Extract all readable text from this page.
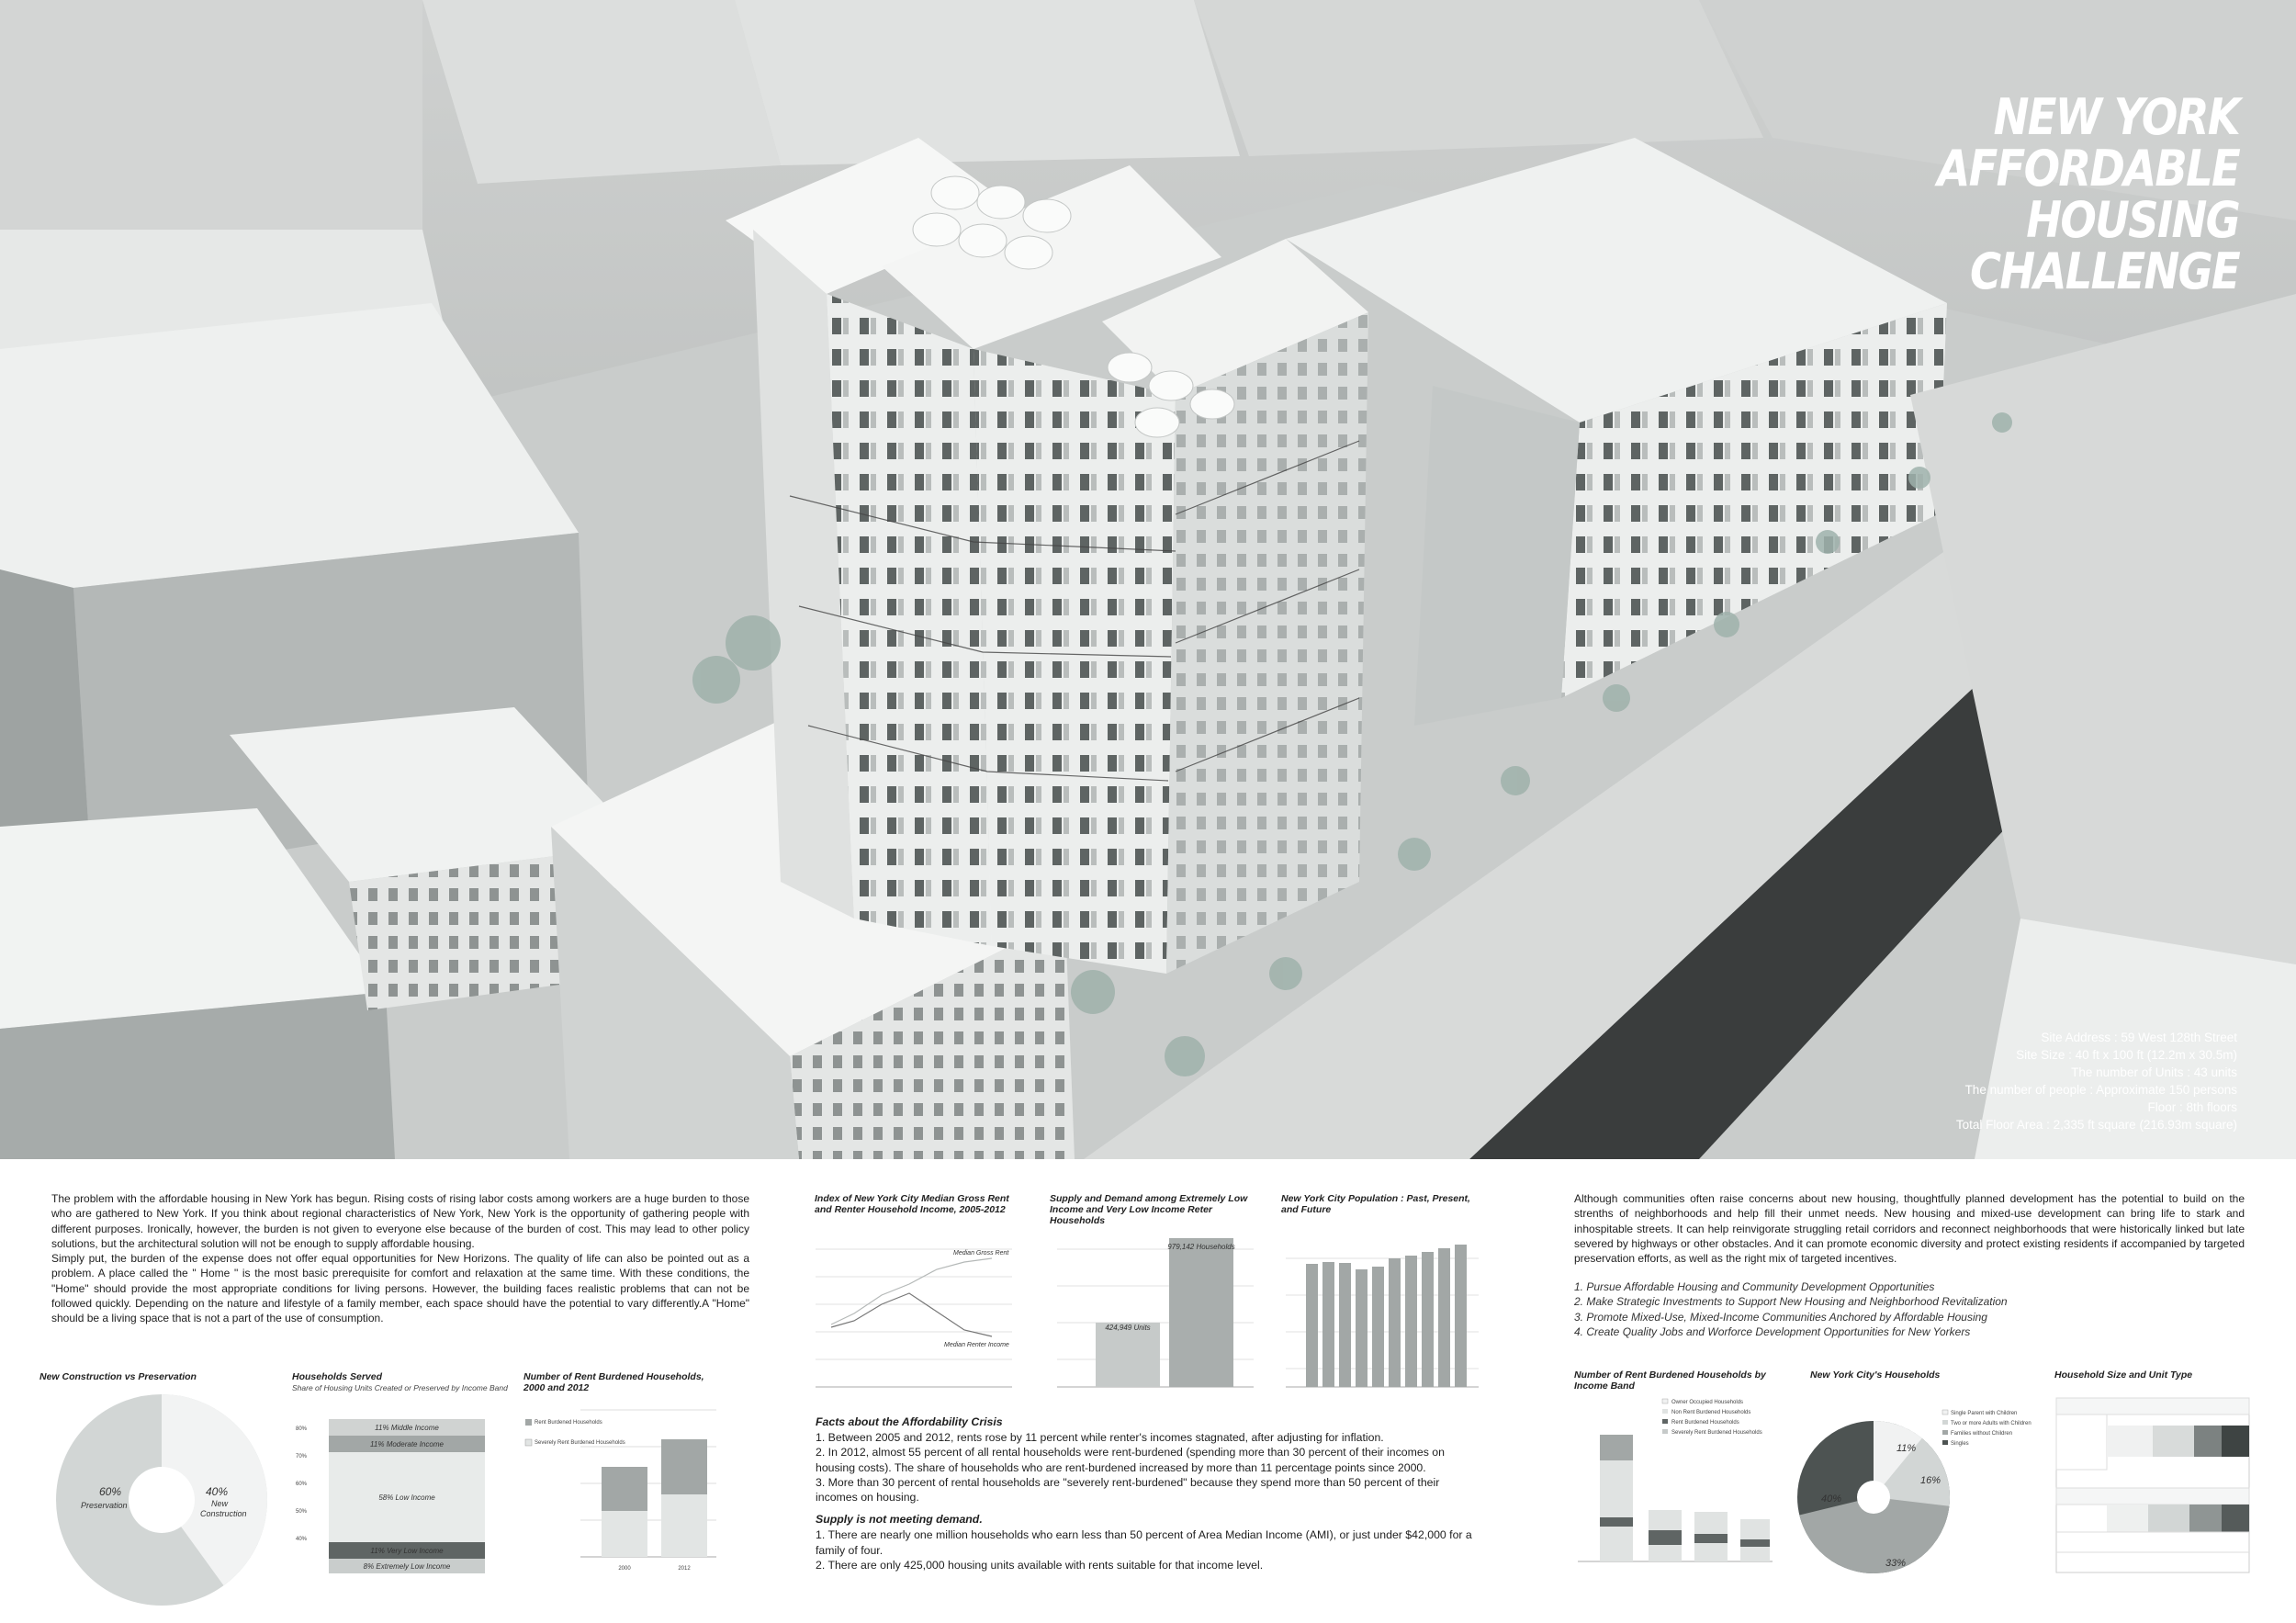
NEW YORK
AFFORDABLE
HOUSING
CHALLENGE
Site Address : 59 West 128th Street
Site Size : 40 ft x 100 ft (12.2m x 30.5m)
The number of Units : 43 units
The number of people : Approximate 150 persons
Floor : 8th floors
Total Floor Area : 2,335 ft square (216.93m square)

The problem with the affordable housing in New York has begun. Rising costs of rising labor costs among workers are a huge burden to those who are gathered to New York. If you think about regional characteristics of New York, New York is the opportunity of gathering people with different purposes. Ironically, however, the burden is not given to everyone else because of the burden of cost. This may lead to other policy solutions, but the architectural solution will not be enough to supply affordable housing.

Simply put, the burden of the expense does not offer equal opportunities for New Horizons. The quality of life can also be pointed out as a problem. A place called the " Home " is the most basic prerequisite for comfort and relaxation at the same time. With these conditions, the "Home" should provide the most appropriate conditions for living persons. However, the building faces realistic problems that can not be followed quickly. Depending on the nature and lifestyle of a family member, each space should have the potential to vary differently.A "Home" should be a living space that is not a part of the use of consumption.

Although communities often raise concerns about new housing, thoughtfully planned development has the potential to build on the strenths of neighborhoods and help fill their unmet needs. New housing and mixed-use development can bring life to stark and inhospitable streets. It can help reinvigorate struggling retail corridors and reconnect neighborhoods that were historically linked but late severed by highways or other obstacles. And it can promote economic diversity and protect existing residents if accompanied by targeted preservation efforts, as well as the right mix of targeted incentives.
1. Pursue Affordable Housing and Community Development Opportunities
2. Make Strategic Investments to Support New Housing and Neighborhood Revitalization
3. Promote Mixed-Use, Mixed-Income Communities Anchored by Affordable Housing
4. Create Quality Jobs and Worforce Development Opportunities for New Yorkers
Facts about the Affordability Crisis
1. Between 2005 and 2012, rents rose by 11 percent while renter's incomes stagnated, after adjusting for inflation.
2. In 2012, almost 55 percent of all rental households were rent-burdened (spending more than 30 percent of their incomes on housing costs). The share of households who are rent-burdened increased by more than 11 percentage points since 2000.
3. More than 30 percent of rental households are "severely rent-burdened" because they spend more than 50 percent of their incomes on housing.
Supply is not meeting demand.
1. There are nearly one million households who earn less than 50 percent of Area Median Income (AMI), or just under $42,000 for a family of four.
2. There are only 425,000 housing units available with rents suitable for that income level.
New Construction vs Preservation
60%
Preservation
40%
New
Construction
Households Served
Share of Housing Units Created or Preserved by Income Band
80%
70%
60%
50%
40%
11% Middle Income
11% Moderate Income
58% Low Income
11% Very Low Income
8% Extremely Low Income
Number of Rent Burdened Households, 2000 and 2012
Rent Burdened Households
Severely Rent Burdened Households
2000	2012
Index of New York City Median Gross Rent and Renter Household Income, 2005-2012
Median Gross Rent
Median Renter Income
Supply and Demand among Extremely Low Income and Very Low Income Reter Households
424,949 Units
979,142 Households
New York City Population : Past, Present, and Future
Number of Rent Burdened Households by Income Band
Owner Occupied Households
Non Rent Burdened Households
Rent Burdened Households
Severely Rent Burdened Households
New York City's Households
11%
16%
33%
40%
Single Parent with Children
Two or more Adults with Children
Families without Children
Singles
Household Size and Unit Type
